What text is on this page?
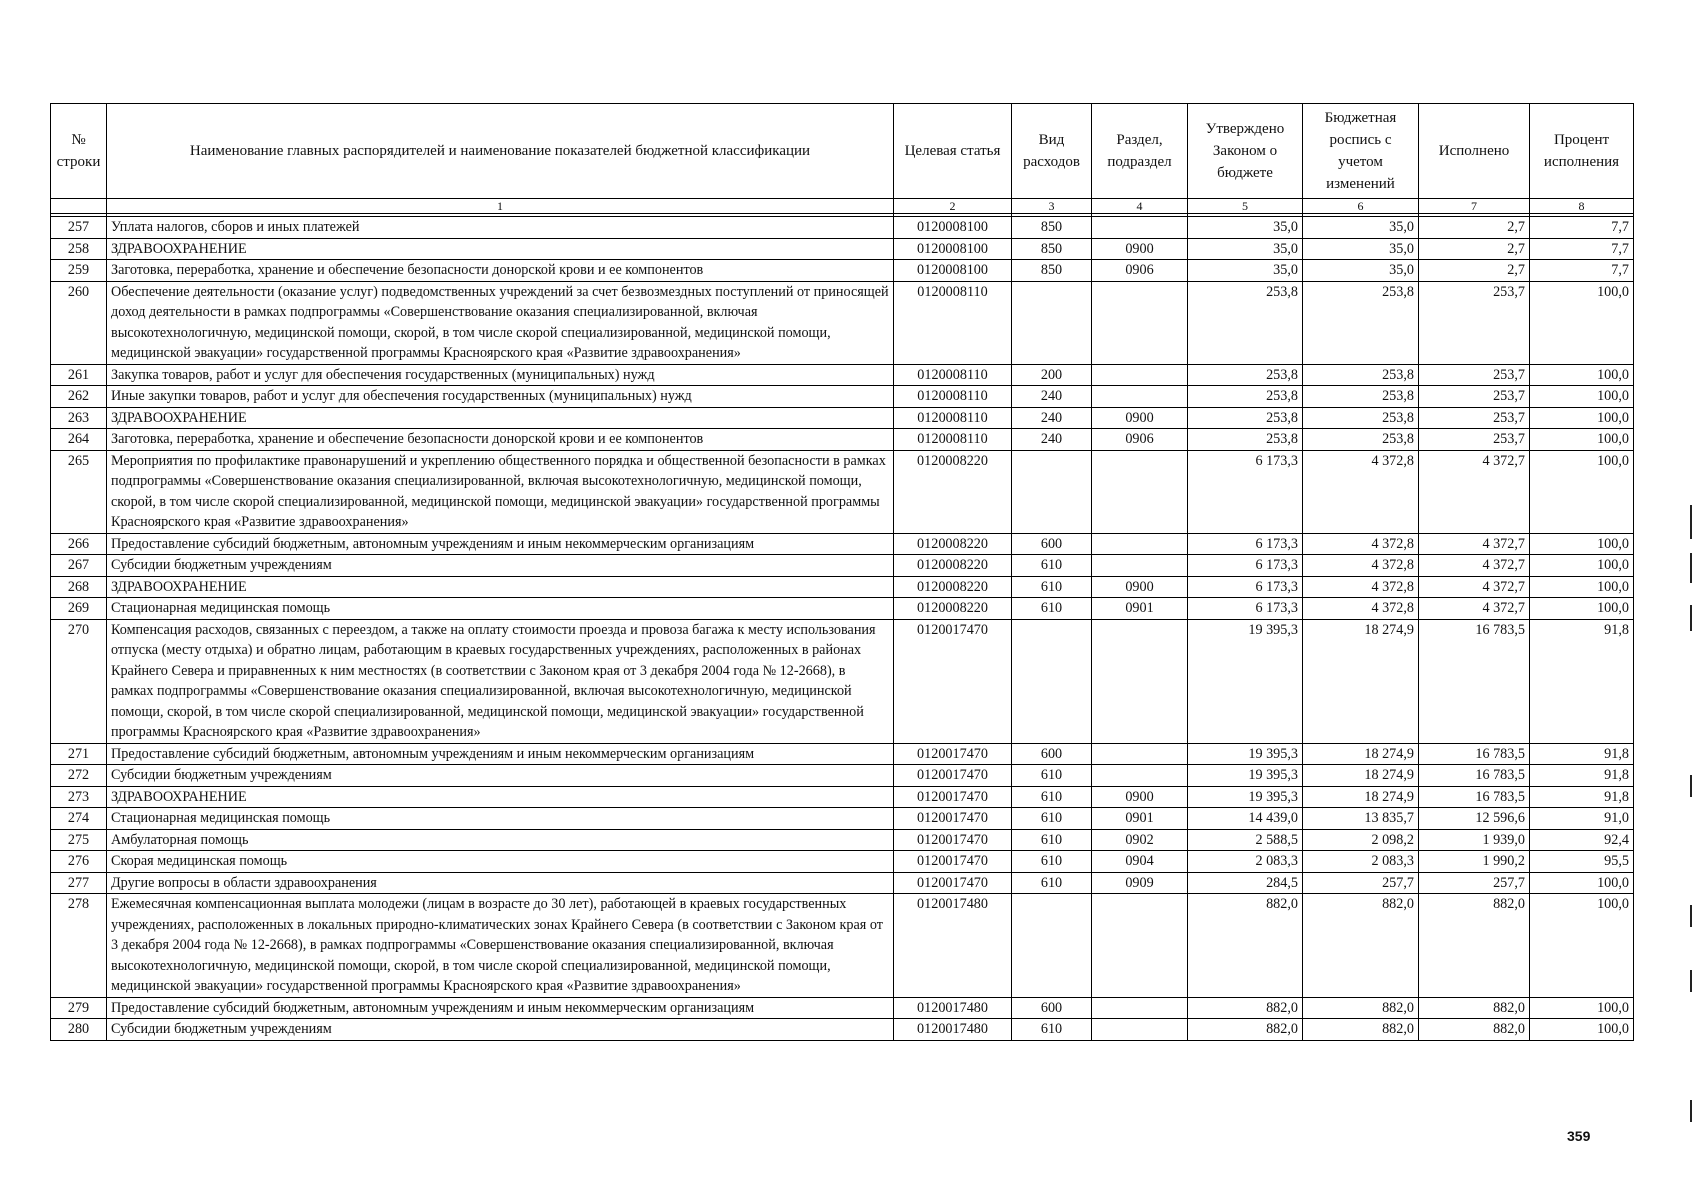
№ строки	Наименование главных распорядителей и наименование показателей бюджетной классификации	Целевая статья	Вид расходов	Раздел, подраздел	Утверждено Законом о бюджете	Бюджетная роспись с учетом изменений	Исполнено	Процент исполнения
	1	2	3	4	5	6	7	8

257	Уплата налогов, сборов и иных платежей	0120008100	850		35,0	35,0	2,7	7,7
258	ЗДРАВООХРАНЕНИЕ	0120008100	850	0900	35,0	35,0	2,7	7,7
259	Заготовка, переработка, хранение и обеспечение безопасности донорской крови и ее компонентов	0120008100	850	0906	35,0	35,0	2,7	7,7
260	Обеспечение деятельности (оказание услуг) подведомственных учреждений за счет безвозмездных поступлений от приносящей доход деятельности в рамках подпрограммы «Совершенствование оказания специализированной, включая высокотехнологичную, медицинской помощи, скорой, в том числе скорой специализированной, медицинской помощи, медицинской эвакуации» государственной программы Красноярского края «Развитие здравоохранения»	0120008110			253,8	253,8	253,7	100,0
261	Закупка товаров, работ и услуг для обеспечения государственных (муниципальных) нужд	0120008110	200		253,8	253,8	253,7	100,0
262	Иные закупки товаров, работ и услуг для обеспечения государственных (муниципальных) нужд	0120008110	240		253,8	253,8	253,7	100,0
263	ЗДРАВООХРАНЕНИЕ	0120008110	240	0900	253,8	253,8	253,7	100,0
264	Заготовка, переработка, хранение и обеспечение безопасности донорской крови и ее компонентов	0120008110	240	0906	253,8	253,8	253,7	100,0
265	Мероприятия по профилактике правонарушений и укреплению общественного порядка и общественной безопасности в рамках подпрограммы «Совершенствование оказания специализированной, включая высокотехнологичную, медицинской помощи, скорой, в том числе скорой специализированной, медицинской помощи, медицинской эвакуации» государственной программы Красноярского края «Развитие здравоохранения»	0120008220			6 173,3	4 372,8	4 372,7	100,0
266	Предоставление субсидий бюджетным, автономным учреждениям и иным некоммерческим организациям	0120008220	600		6 173,3	4 372,8	4 372,7	100,0
267	Субсидии бюджетным учреждениям	0120008220	610		6 173,3	4 372,8	4 372,7	100,0
268	ЗДРАВООХРАНЕНИЕ	0120008220	610	0900	6 173,3	4 372,8	4 372,7	100,0
269	Стационарная медицинская помощь	0120008220	610	0901	6 173,3	4 372,8	4 372,7	100,0
270	Компенсация расходов, связанных с переездом, а также на оплату стоимости проезда и провоза багажа к месту использования отпуска (месту отдыха) и обратно лицам, работающим в краевых государственных учреждениях, расположенных в районах Крайнего Севера и приравненных к ним местностях (в соответствии с Законом края от 3 декабря 2004 года № 12-2668), в рамках подпрограммы «Совершенствование оказания специализированной, включая высокотехнологичную, медицинской помощи, скорой, в том числе скорой специализированной, медицинской помощи, медицинской эвакуации» государственной программы Красноярского края «Развитие здравоохранения»	0120017470			19 395,3	18 274,9	16 783,5	91,8
271	Предоставление субсидий бюджетным, автономным учреждениям и иным некоммерческим организациям	0120017470	600		19 395,3	18 274,9	16 783,5	91,8
272	Субсидии бюджетным учреждениям	0120017470	610		19 395,3	18 274,9	16 783,5	91,8
273	ЗДРАВООХРАНЕНИЕ	0120017470	610	0900	19 395,3	18 274,9	16 783,5	91,8
274	Стационарная медицинская помощь	0120017470	610	0901	14 439,0	13 835,7	12 596,6	91,0
275	Амбулаторная помощь	0120017470	610	0902	2 588,5	2 098,2	1 939,0	92,4
276	Скорая медицинская помощь	0120017470	610	0904	2 083,3	2 083,3	1 990,2	95,5
277	Другие вопросы в области здравоохранения	0120017470	610	0909	284,5	257,7	257,7	100,0
278	Ежемесячная компенсационная выплата молодежи (лицам в возрасте до 30 лет), работающей в краевых государственных учреждениях, расположенных в локальных природно-климатических зонах Крайнего Севера (в соответствии с Законом края от 3 декабря 2004 года № 12-2668), в рамках подпрограммы «Совершенствование оказания специализированной, включая высокотехнологичную, медицинской помощи, скорой, в том числе скорой специализированной, медицинской помощи, медицинской эвакуации» государственной программы Красноярского края «Развитие здравоохранения»	0120017480			882,0	882,0	882,0	100,0
279	Предоставление субсидий бюджетным, автономным учреждениям и иным некоммерческим организациям	0120017480	600		882,0	882,0	882,0	100,0
280	Субсидии бюджетным учреждениям	0120017480	610		882,0	882,0	882,0	100,0
359
